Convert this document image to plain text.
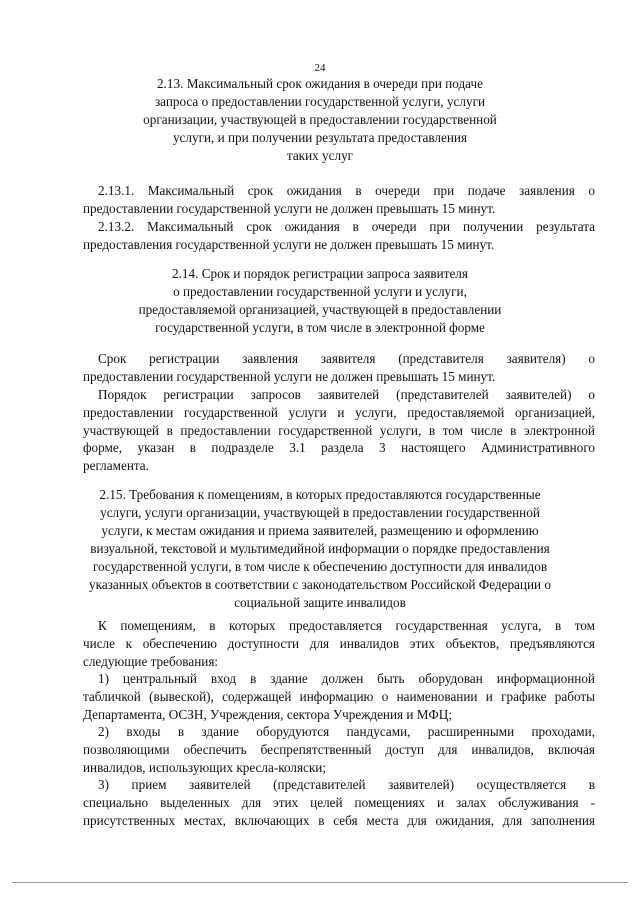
24
2.13. Максимальный срок ожидания в очереди при подаче
запроса о предоставлении государственной услуги, услуги
организации, участвующей в предоставлении государственной
услуги, и при получении результата предоставления
таких услуг
2.13.1. Максимальный срок ожидания в очереди при подаче заявления о
предоставлении государственной услуги не должен превышать 15 минут.
2.13.2. Максимальный срок ожидания в очереди при получении результата
предоставления государственной услуги не должен превышать 15 минут.
2.14. Срок и порядок регистрации запроса заявителя
о предоставлении государственной услуги и услуги,
предоставляемой организацией, участвующей в предоставлении
государственной услуги, в том числе в электронной форме
Срок регистрации заявления заявителя (представителя заявителя) о
предоставлении государственной услуги не должен превышать 15 минут.
Порядок регистрации запросов заявителей (представителей заявителей) о
предоставлении государственной услуги и услуги, предоставляемой организацией,
участвующей в предоставлении государственной услуги, в том числе в электронной
форме, указан в подразделе 3.1 раздела 3 настоящего Административного
регламента.
2.15. Требования к помещениям, в которых предоставляются государственные
услуги, услуги организации, участвующей в предоставлении государственной
услуги, к местам ожидания и приема заявителей, размещению и оформлению
визуальной, текстовой и мультимедийной информации о порядке предоставления
государственной услуги, в том числе к обеспечению доступности для инвалидов
указанных объектов в соответствии с законодательством Российской Федерации о
социальной защите инвалидов
К помещениям, в которых предоставляется государственная услуга, в том
числе к обеспечению доступности для инвалидов этих объектов, предъявляются
следующие требования:
1) центральный вход в здание должен быть оборудован информационной
табличкой (вывеской), содержащей информацию о наименовании и графике работы
Департамента, ОСЗН, Учреждения, сектора Учреждения и МФЦ;
2) входы в здание оборудуются пандусами, расширенными проходами,
позволяющими обеспечить беспрепятственный доступ для инвалидов, включая
инвалидов, использующих кресла-коляски;
3) прием заявителей (представителей заявителей) осуществляется в
специально выделенных для этих целей помещениях и залах обслуживания -
присутственных местах, включающих в себя места для ожидания, для заполнения
